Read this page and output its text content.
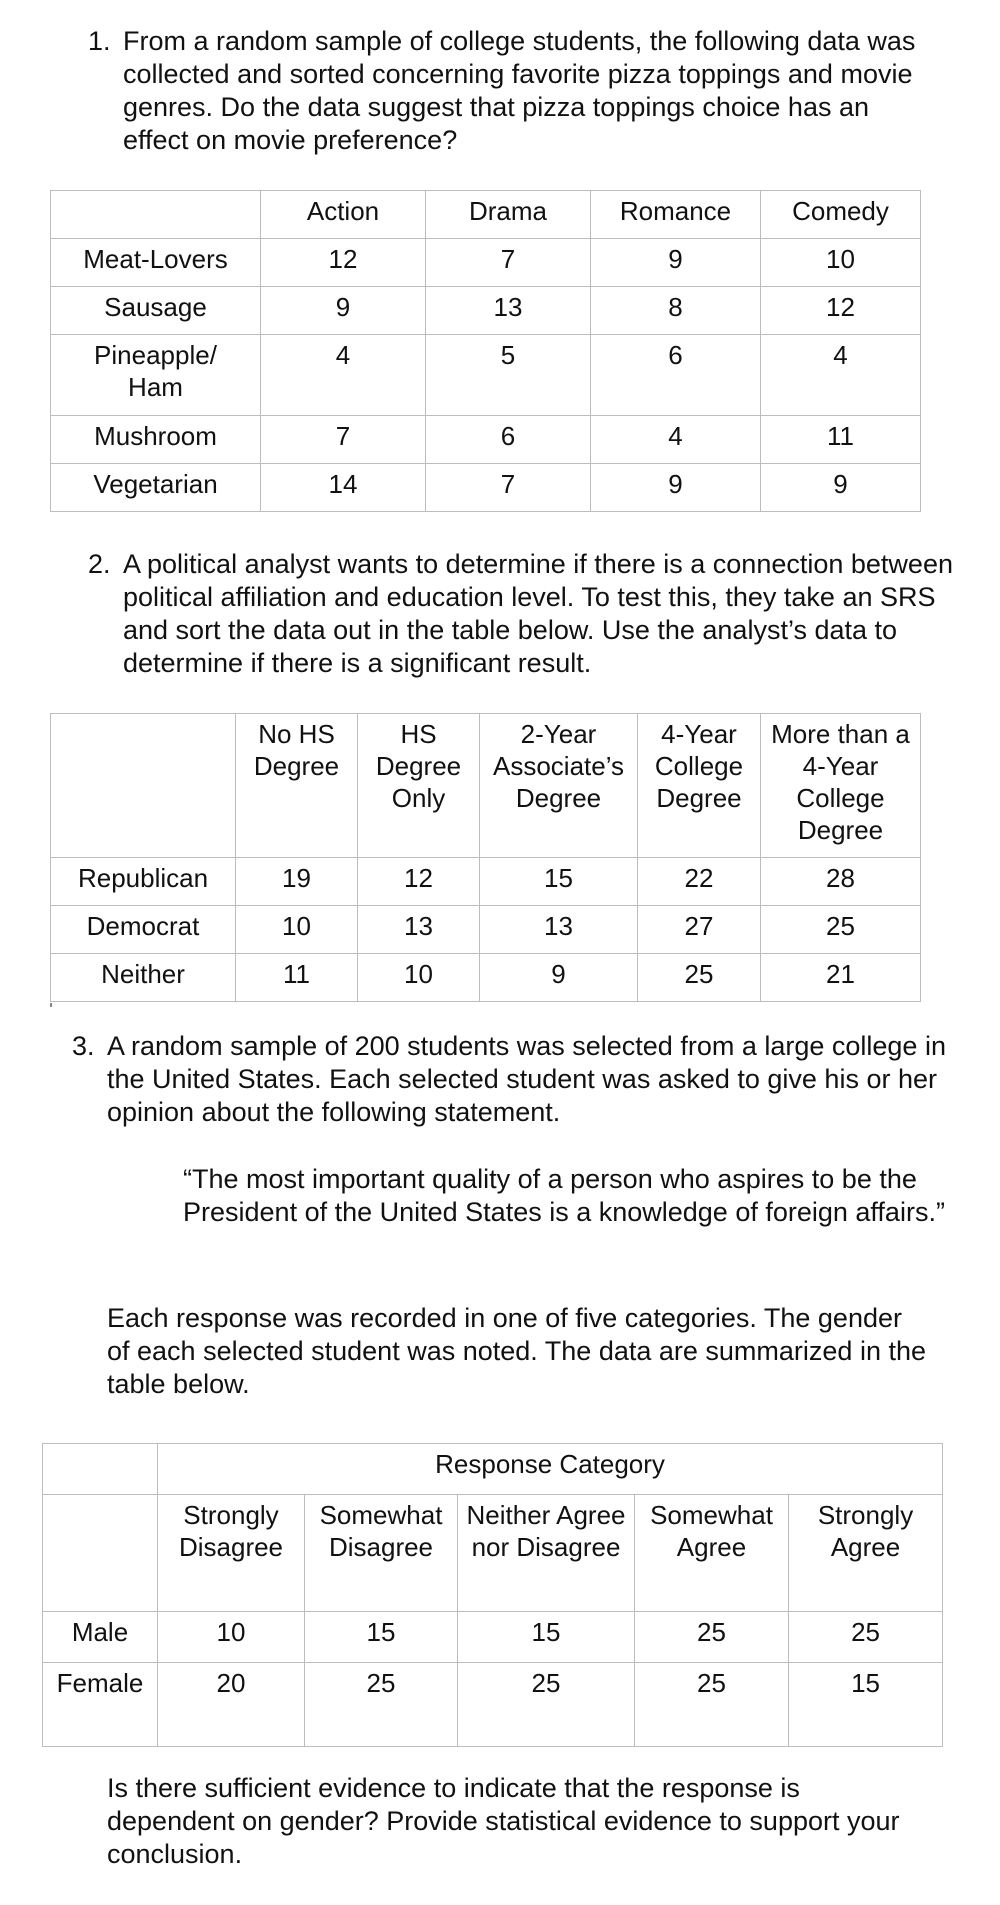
1. From a random sample of college students, the following data was collected and sorted concerning favorite pizza toppings and movie genres. Do the data suggest that pizza toppings choice has an effect on movie preference?
	Action	Drama	Romance	Comedy
Meat-Lovers	12	7	9	10
Sausage	9	13	8	12
Pineapple/ Ham	4	5	6	4
Mushroom	7	6	4	11
Vegetarian	14	7	9	9
2. A political analyst wants to determine if there is a connection between political affiliation and education level. To test this, they take an SRS and sort the data out in the table below. Use the analyst’s data to determine if there is a significant result.
	No HS Degree	HS Degree Only	2-Year Associate’s Degree	4-Year College Degree	More than a 4-Year College Degree
Republican	19	12	15	22	28
Democrat	10	13	13	27	25
Neither	11	10	9	25	21
3. A random sample of 200 students was selected from a large college in the United States. Each selected student was asked to give his or her opinion about the following statement.
“The most important quality of a person who aspires to be the President of the United States is a knowledge of foreign affairs.”
Each response was recorded in one of five categories. The gender of each selected student was noted. The data are summarized in the table below.
	Response Category				
	Strongly Disagree	Somewhat Disagree	Neither Agree nor Disagree	Somewhat Agree	Strongly Agree
Male	10	15	15	25	25
Female	20	25	25	25	15
Is there sufficient evidence to indicate that the response is dependent on gender? Provide statistical evidence to support your conclusion.
